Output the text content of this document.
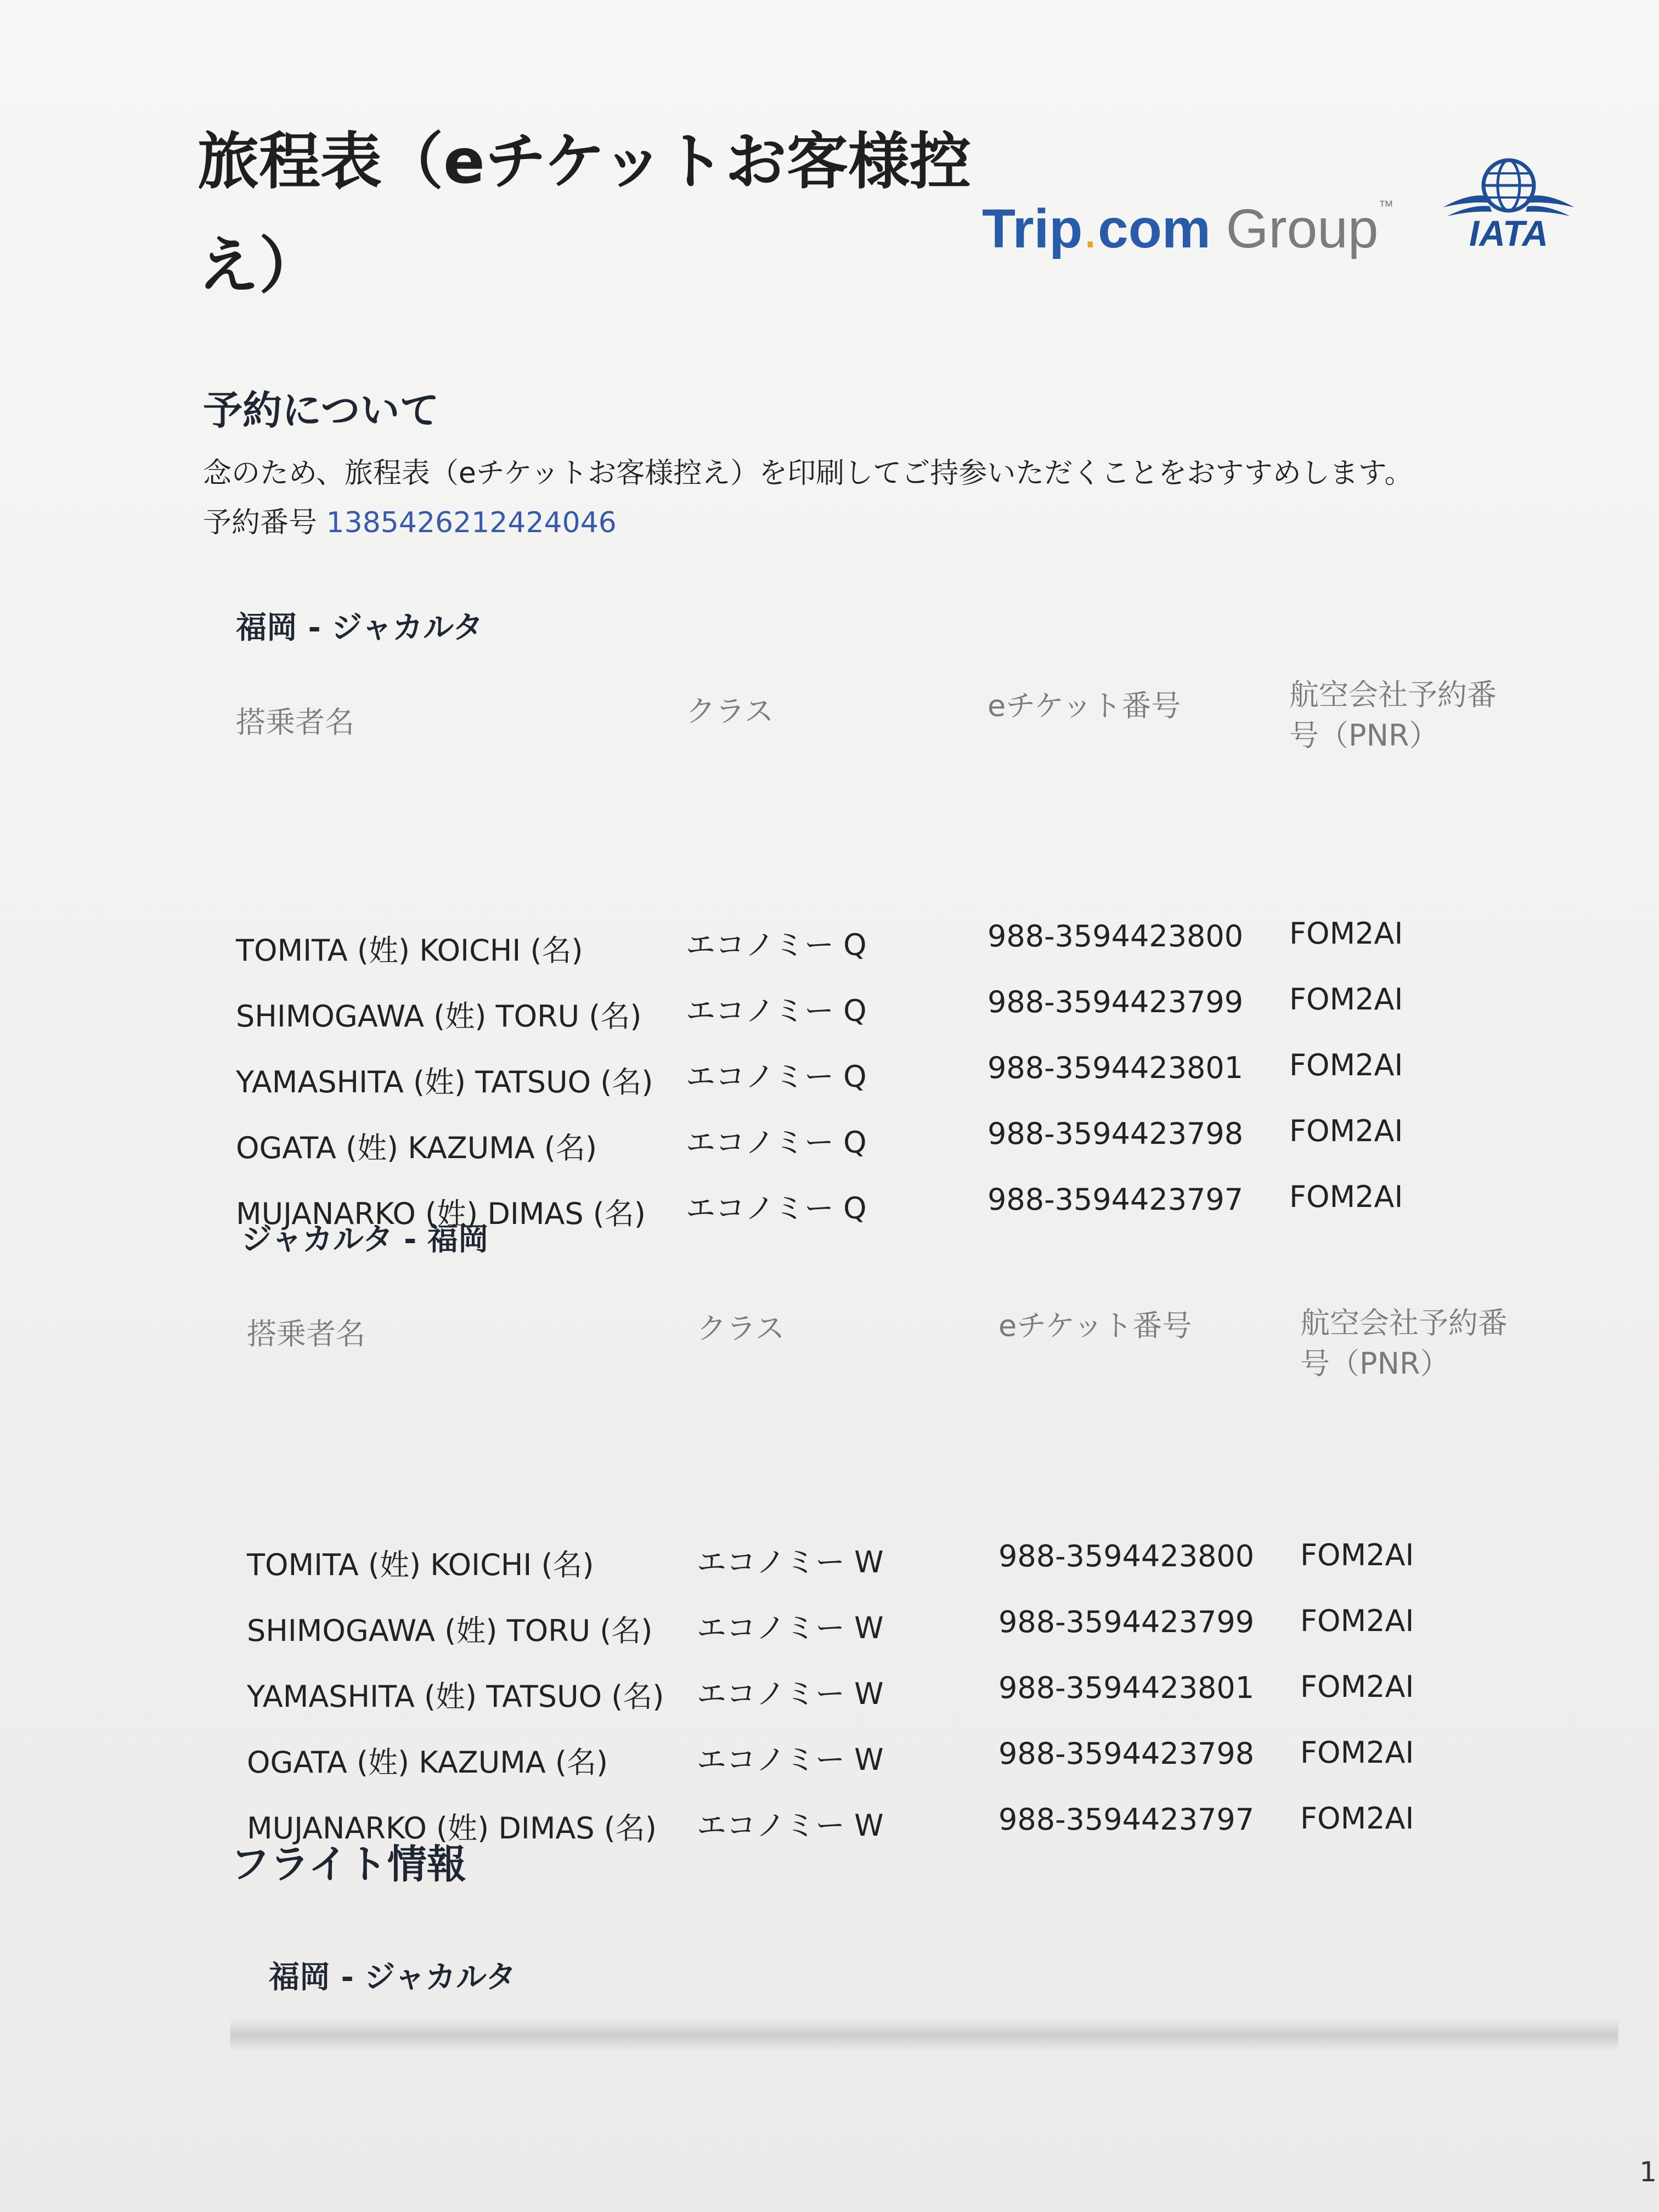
旅程表（eチケットお客様控え）
Trip.com Group™
IATA
予約について
念のため、旅程表（eチケットお客様控え）を印刷してご持参いただくことをおすすめします。
予約番号 1385426212424046
福岡 - ジャカルタ
搭乗者名	クラス	eチケット番号	航空会社予約番
号（PNR）
TOMITA (姓) KOICHI (名)	エコノミー Q	988-3594423800 FOM2AI
SHIMOGAWA (姓) TORU (名) エコノミー Q	988-3594423799 FOM2AI
YAMASHITA (姓) TATSUO (名) エコノミー Q	988-3594423801 FOM2AI
OGATA (姓) KAZUMA (名)	エコノミー Q	988-3594423798 FOM2AI
MUJANARKO (姓) DIMAS (名) エコノミー Q	988-3594423797 FOM2AI
ジャカルタ - 福岡
搭乗者名	クラス	eチケット番号	航空会社予約番
号（PNR）
TOMITA (姓) KOICHI (名)	エコノミー W	988-3594423800 FOM2AI
SHIMOGAWA (姓) TORU (名) エコノミー W	988-3594423799 FOM2AI
YAMASHITA (姓) TATSUO (名) エコノミー W	988-3594423801 FOM2AI
OGATA (姓) KAZUMA (名)	エコノミー W	988-3594423798 FOM2AI
MUJANARKO (姓) DIMAS (名) エコノミー W	988-3594423797 FOM2AI
フライト情報
福岡 - ジャカルタ
1
